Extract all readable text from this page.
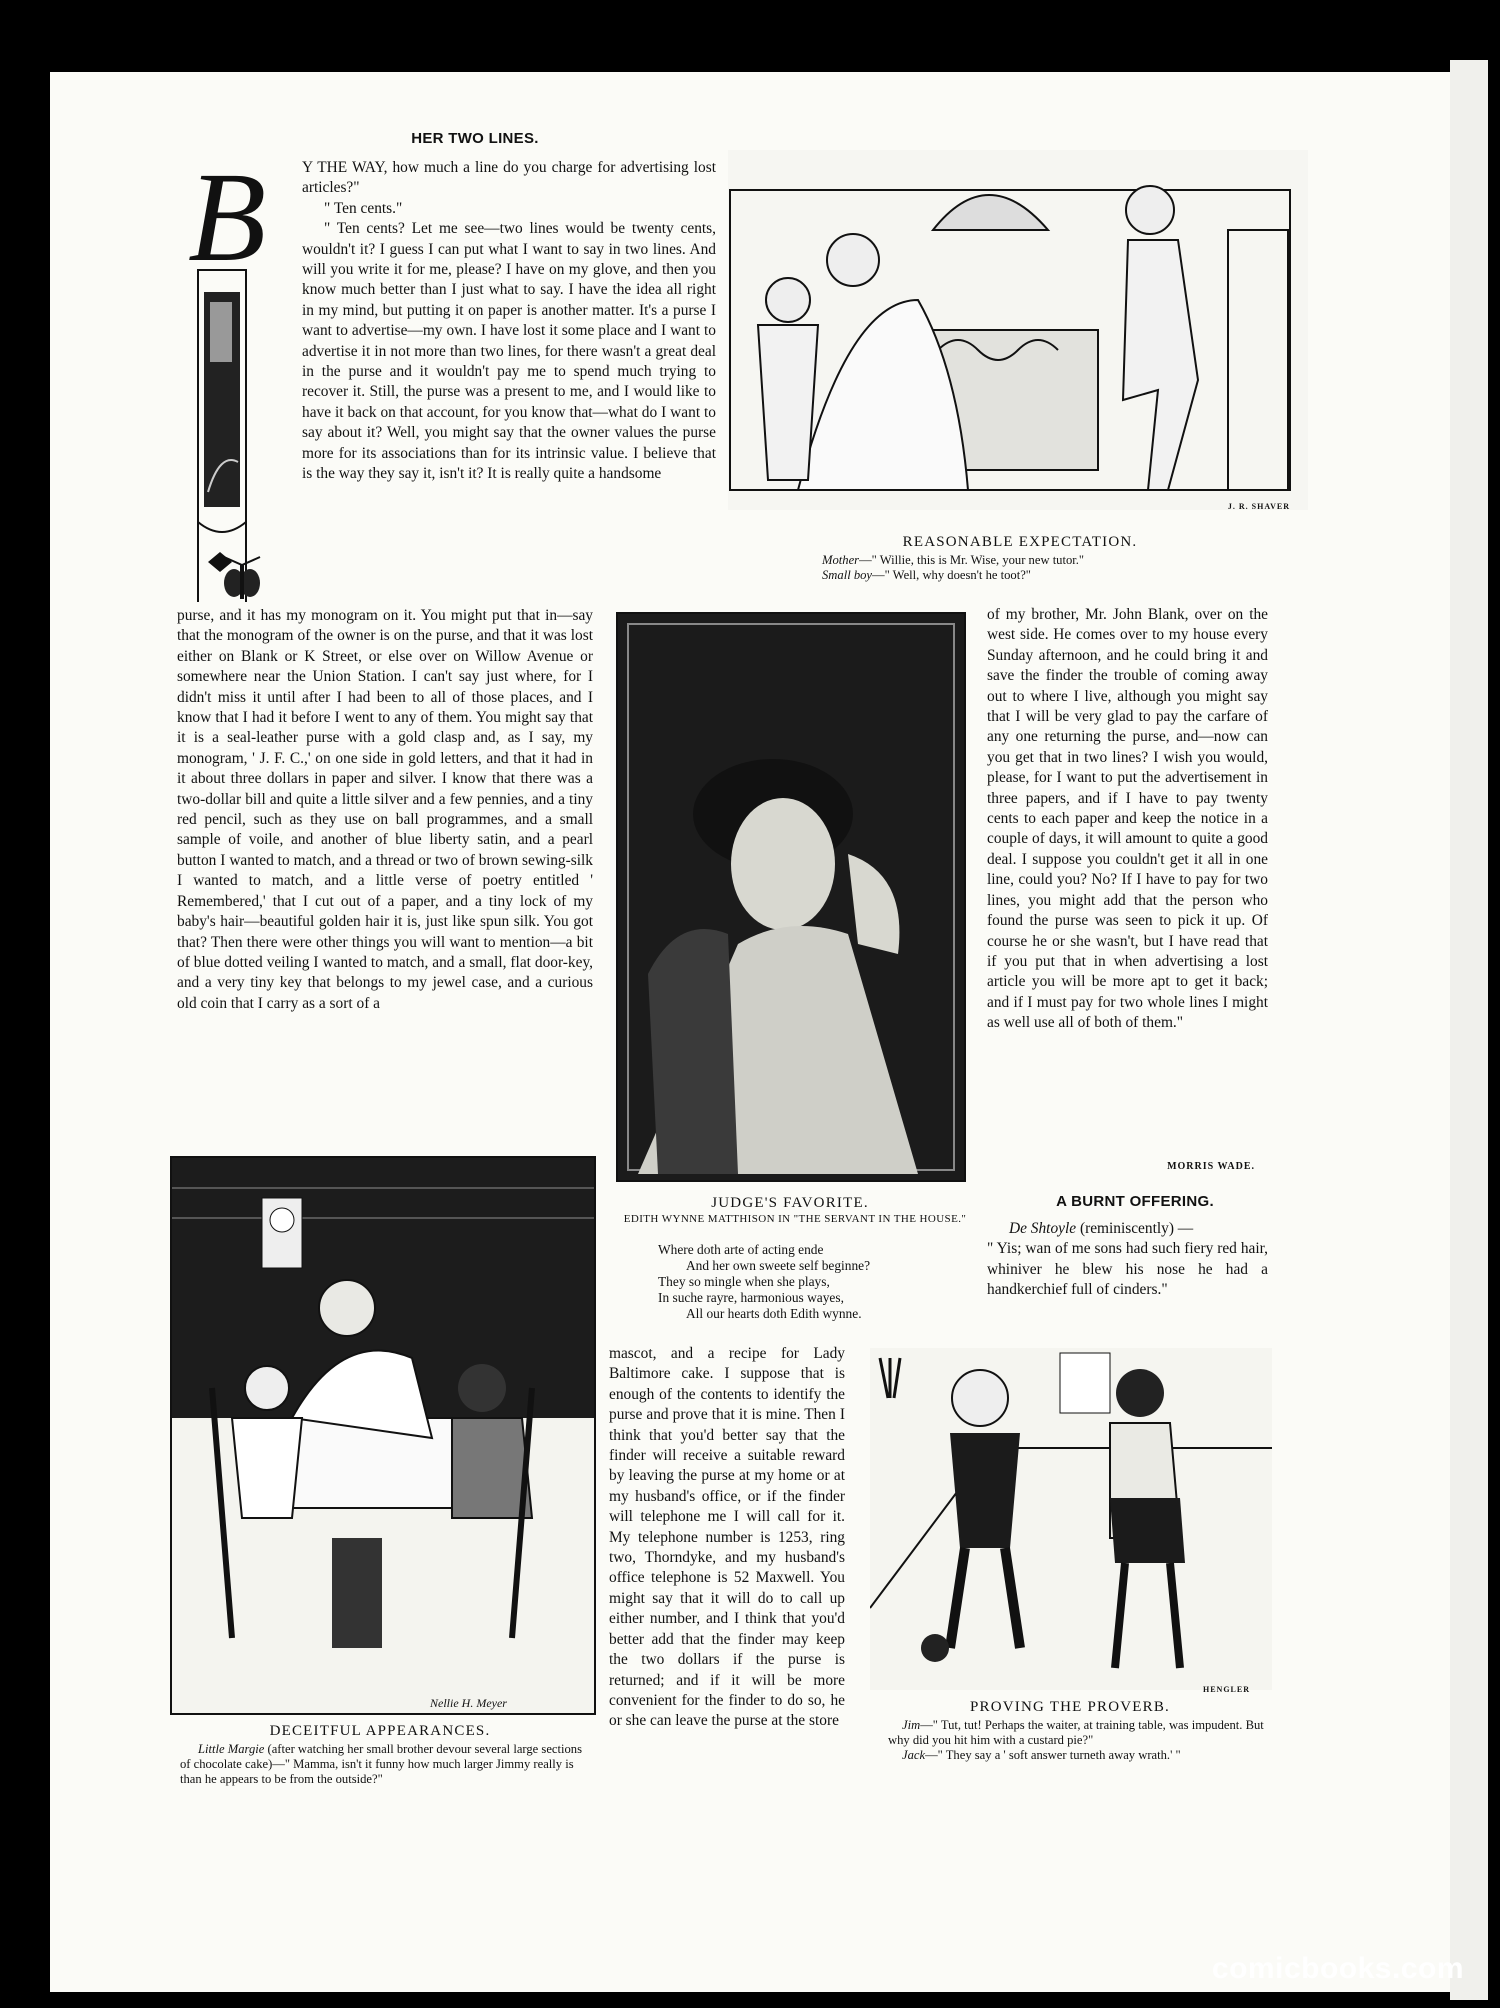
HER TWO LINES.
B Y THE WAY, how much a line do you charge for advertising lost articles?"

" Ten cents."

" Ten cents? Let me see—two lines would be twenty cents, wouldn't it? I guess I can put what I want to say in two lines. And will you write it for me, please? I have on my glove, and then you know much better than I just what to say. I have the idea all right in my mind, but putting it on paper is another matter. It's a purse I want to advertise—my own. I have lost it some place and I want to advertise it in not more than two lines, for there wasn't a great deal in the purse and it wouldn't pay me to spend much trying to recover it. Still, the purse was a present to me, and I would like to have it back on that account, for you know that—what do I want to say about it? Well, you might say that the owner values the purse more for its associations than for its intrinsic value. I believe that is the way they say it, isn't it? It is really quite a handsome

purse, and it has my monogram on it. You might put that in—say that the monogram of the owner is on the purse, and that it was lost either on Blank or K Street, or else over on Willow Avenue or somewhere near the Union Station. I can't say just where, for I didn't miss it until after I had been to all of those places, and I know that I had it before I went to any of them. You might say that it is a seal-leather purse with a gold clasp and, as I say, my monogram, ' J. F. C.,' on one side in gold letters, and that it had in it about three dollars in paper and silver. I know that there was a two-dollar bill and quite a little silver and a few pennies, and a tiny red pencil, such as they use on ball programmes, and a small sample of voile, and another of blue liberty satin, and a pearl button I wanted to match, and a thread or two of brown sewing-silk I wanted to match, and a little verse of poetry entitled ' Remembered,' that I cut out of a paper, and a tiny lock of my baby's hair—beautiful golden hair it is, just like spun silk. You got that? Then there were other things you will want to mention—a bit of blue dotted veiling I wanted to match, and a small, flat door-key, and a very tiny key that belongs to my jewel case, and a curious old coin that I carry as a sort of a

J. R. SHAVER
REASONABLE EXPECTATION.
Mother—" Willie, this is Mr. Wise, your new tutor."
Small boy—" Well, why doesn't he toot?"
JUDGE'S FAVORITE.
EDITH WYNNE MATTHISON IN "THE SERVANT IN THE HOUSE."
Where doth arte of acting ende
And her own sweete self beginne?
They so mingle when she plays,
In suche rayre, harmonious wayes,
All our hearts doth Edith wynne.

of my brother, Mr. John Blank, over on the west side. He comes over to my house every Sunday afternoon, and he could bring it and save the finder the trouble of coming away out to where I live, although you might say that I will be very glad to pay the carfare of any one returning the purse, and—now can you get that in two lines? I wish you would, please, for I want to put the advertisement in three papers, and if I have to pay twenty cents to each paper and keep the notice in a couple of days, it will amount to quite a good deal. I suppose you couldn't get it all in one line, could you? No? If I have to pay for two lines, you might add that the person who found the purse was seen to pick it up. Of course he or she wasn't, but I have read that if you put that in when advertising a lost article you will be more apt to get it back; and if I must pay for two whole lines I might as well use all of both of them."

MORRIS WADE.
A BURNT OFFERING.

De Shtoyle (reminiscently) —

" Yis; wan of me sons had such fiery red hair, whiniver he blew his nose he had a handkerchief full of cinders."

Nellie H. Meyer
DECEITFUL APPEARANCES.
Little Margie (after watching her small brother devour several large sections of chocolate cake)—" Mamma, isn't it funny how much larger Jimmy really is than he appears to be from the outside?"

mascot, and a recipe for Lady Baltimore cake. I suppose that is enough of the contents to identify the purse and prove that it is mine. Then I think that you'd better say that the finder will receive a suitable reward by leaving the purse at my home or at my husband's office, or if the finder will telephone me I will call for it. My telephone number is 1253, ring two, Thorndyke, and my husband's office telephone is 52 Maxwell. You might say that it will do to call up either number, and I think that you'd better add that the finder may keep the two dollars if the purse is returned; and if it will be more convenient for the finder to do so, he or she can leave the purse at the store

HENGLER
PROVING THE PROVERB.
Jim—" Tut, tut! Perhaps the waiter, at training table, was impudent. But why did you hit him with a custard pie?"
Jack—" They say a ' soft answer turneth away wrath.' "
comicbooks.com
